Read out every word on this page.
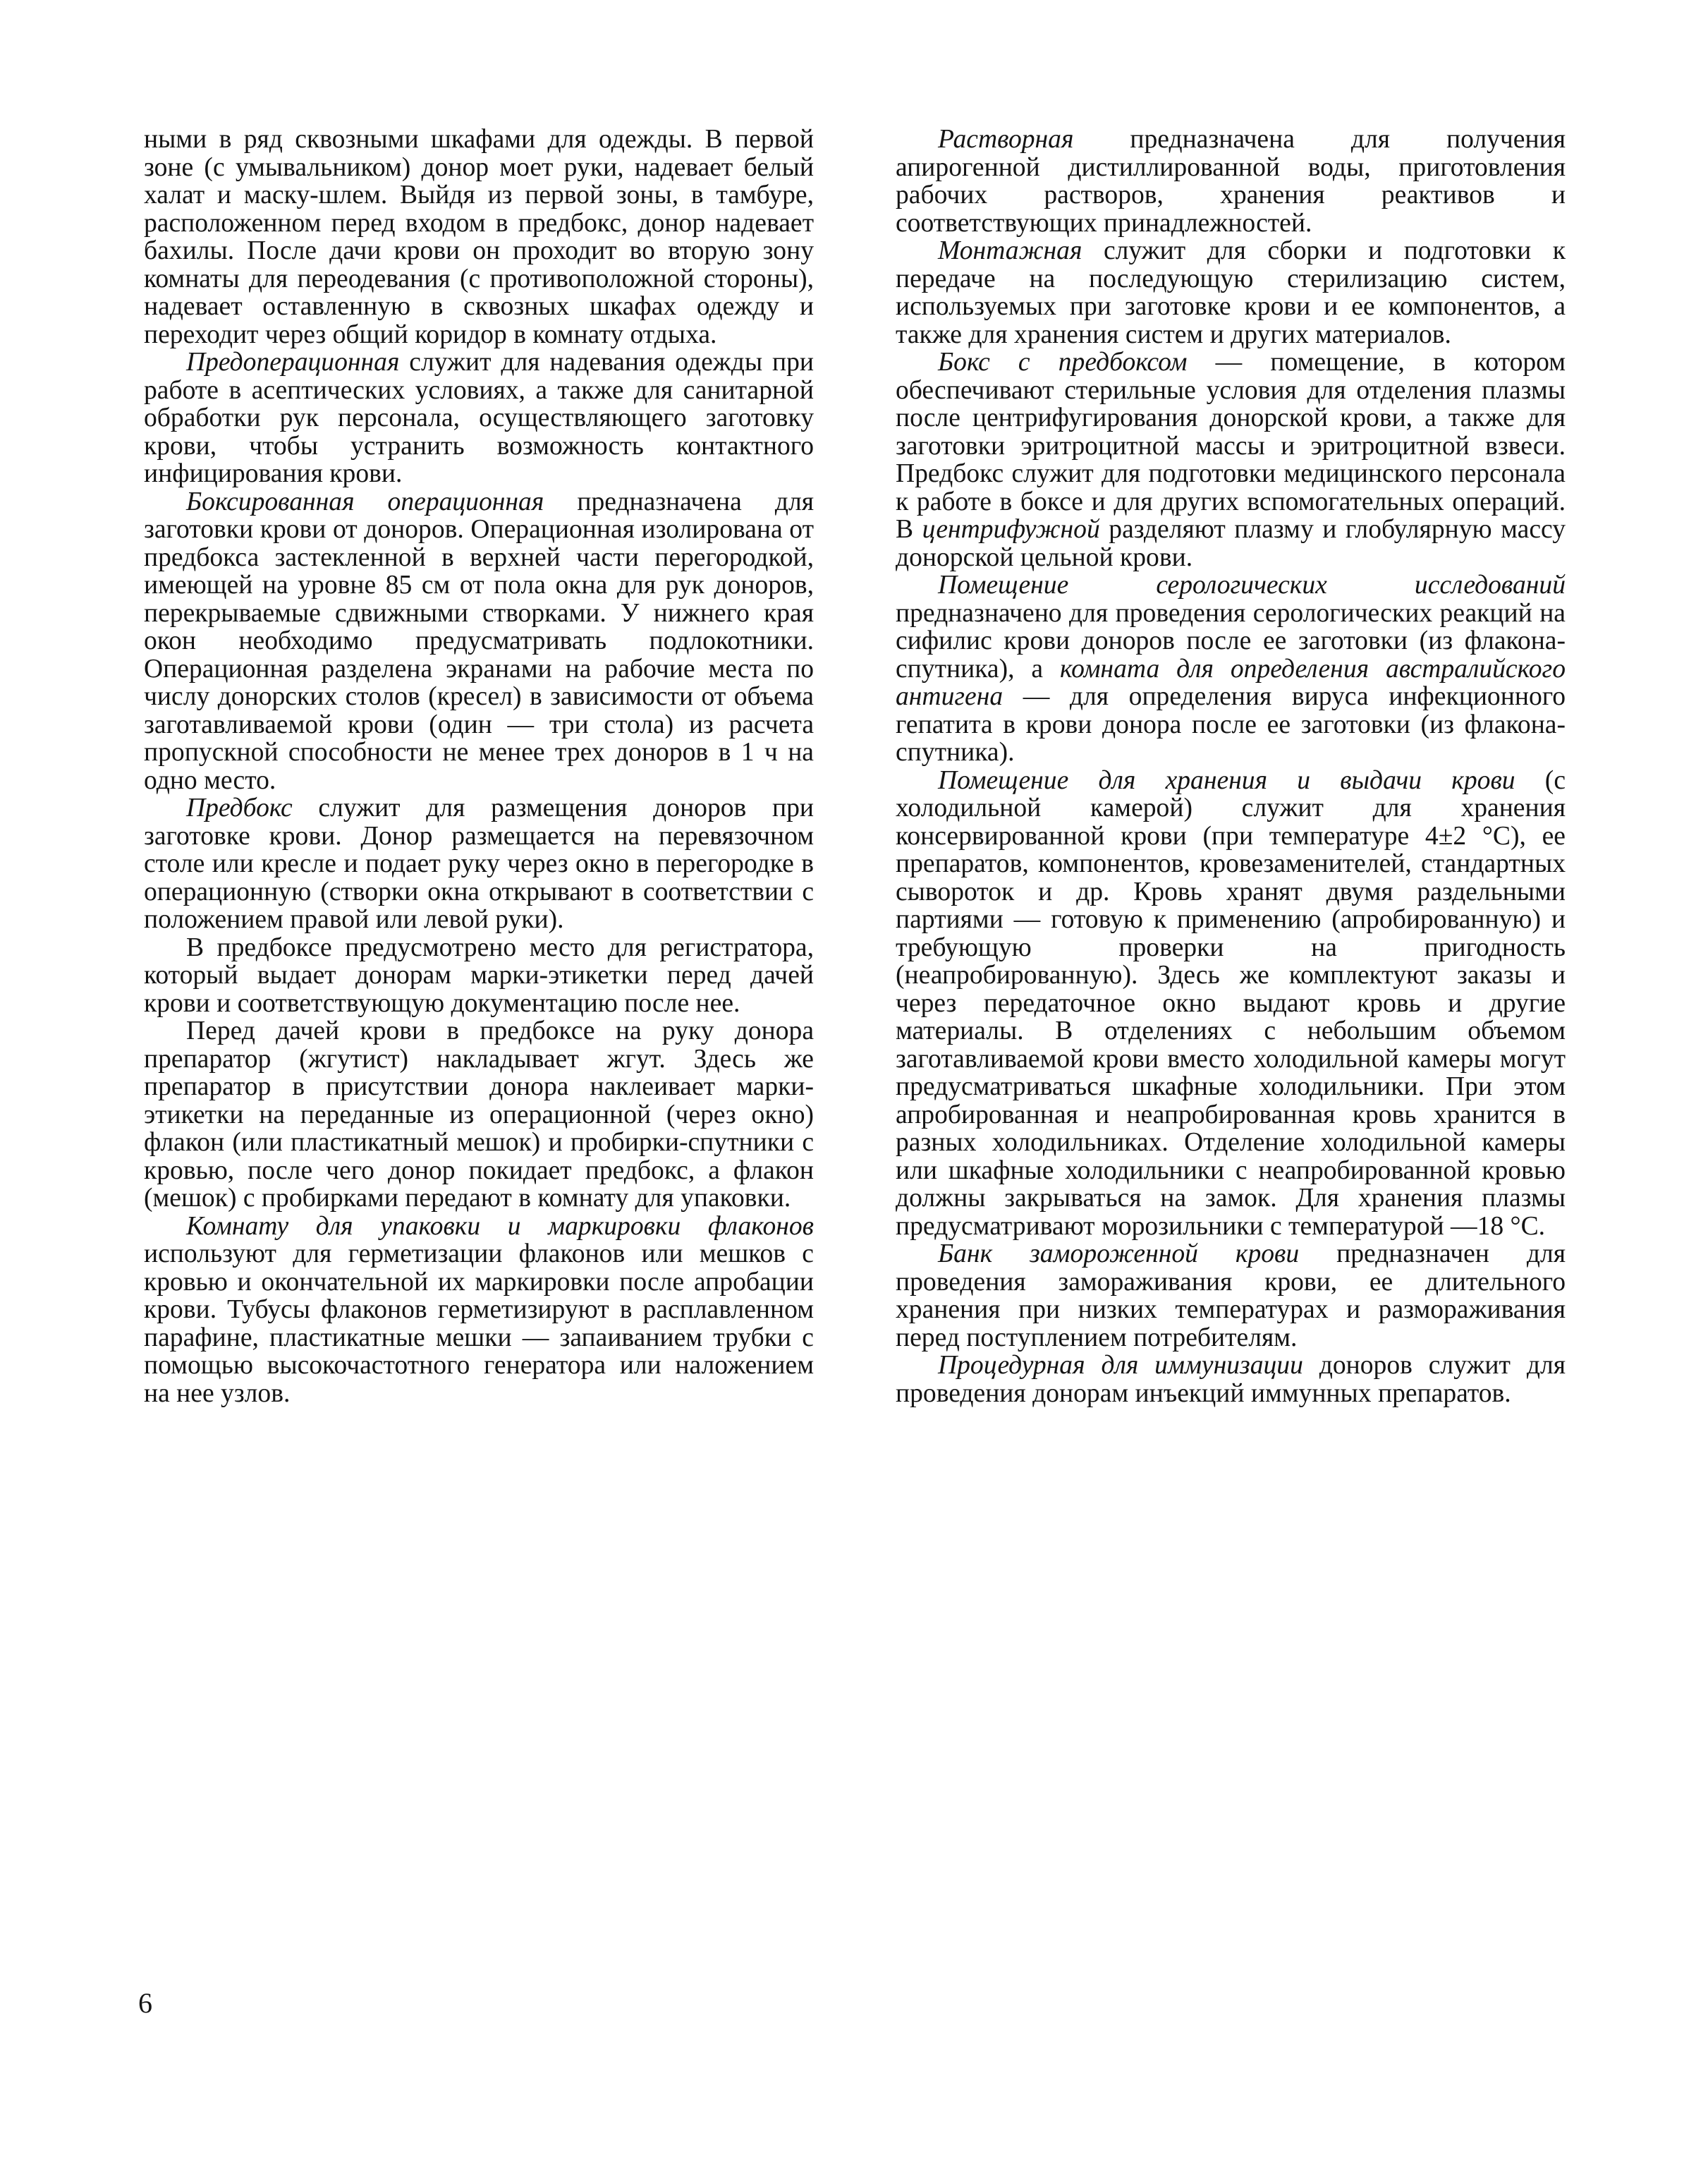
ными в ряд сквозными шкафами для одежды. В первой зоне (с умывальником) донор моет руки, надевает белый халат и маску-шлем. Выйдя из первой зоны, в тамбуре, расположенном перед входом в предбокс, донор надевает бахилы. После дачи крови он проходит во вторую зону комнаты для переодевания (с противоположной стороны), надевает оставленную в сквозных шкафах одежду и переходит через общий коридор в комнату отдыха.

Предоперационная служит для надевания одежды при работе в асептических условиях, а также для санитарной обработки рук персонала, осуществляющего заготовку крови, чтобы устранить возможность контактного инфицирования крови.

Боксированная операционная предназначена для заготовки крови от доноров. Операционная изолирована от предбокса застекленной в верхней части перегородкой, имеющей на уровне 85 см от пола окна для рук доноров, перекрываемые сдвижными створками. У нижнего края окон необходимо предусматривать подлокотники. Операционная разделена экранами на рабочие места по числу донорских столов (кресел) в зависимости от объема заготавливаемой крови (один — три стола) из расчета пропускной способности не менее трех доноров в 1 ч на одно место.

Предбокс служит для размещения доноров при заготовке крови. Донор размещается на перевязочном столе или кресле и подает руку через окно в перегородке в операционную (створки окна открывают в соответствии с положением правой или левой руки).

В предбоксе предусмотрено место для регистратора, который выдает донорам марки-этикетки перед дачей крови и соответствующую документацию после нее.

Перед дачей крови в предбоксе на руку донора препаратор (жгутист) накладывает жгут. Здесь же препаратор в присутствии донора наклеивает марки-этикетки на переданные из операционной (через окно) флакон (или пластикатный мешок) и пробирки-спутники с кровью, после чего донор покидает предбокс, а флакон (мешок) с пробирками передают в комнату для упаковки.

Комнату для упаковки и маркировки флаконов используют для герметизации флаконов или мешков с кровью и окончательной их маркировки после апробации крови. Тубусы флаконов герметизируют в расплавленном парафине, пластикатные мешки — запаиванием трубки с помощью высокочастотного генератора или наложением на нее узлов.

Растворная предназначена для получения апирогенной дистиллированной воды, приготовления рабочих растворов, хранения реактивов и соответствующих принадлежностей.

Монтажная служит для сборки и подготовки к передаче на последующую стерилизацию систем, используемых при заготовке крови и ее компонентов, а также для хранения систем и других материалов.

Бокс с предбоксом — помещение, в котором обеспечивают стерильные условия для отделения плазмы после центрифугирования донорской крови, а также для заготовки эритроцитной массы и эритроцитной взвеси. Предбокс служит для подготовки медицинского персонала к работе в боксе и для других вспомогательных операций. В центрифужной разделяют плазму и глобулярную массу донорской цельной крови.

Помещение серологических исследований предназначено для проведения серологических реакций на сифилис крови доноров после ее заготовки (из флакона-спутника), а комната для определения австралийского антигена — для определения вируса инфекционного гепатита в крови донора после ее заготовки (из флакона-спутника).

Помещение для хранения и выдачи крови (с холодильной камерой) служит для хранения консервированной крови (при температуре 4±2 °С), ее препаратов, компонентов, кровезаменителей, стандартных сывороток и др. Кровь хранят двумя раздельными партиями — готовую к применению (апробированную) и требующую проверки на пригодность (неапробированную). Здесь же комплектуют заказы и через передаточное окно выдают кровь и другие материалы. В отделениях с небольшим объемом заготавливаемой крови вместо холодильной камеры могут предусматриваться шкафные холодильники. При этом апробированная и неапробированная кровь хранится в разных холодильниках. Отделение холодильной камеры или шкафные холодильники с неапробированной кровью должны закрываться на замок. Для хранения плазмы предусматривают морозильники с температурой —18 °С.

Банк замороженной крови предназначен для проведения замораживания крови, ее длительного хранения при низких температурах и размораживания перед поступлением потребителям.

Процедурная для иммунизации доноров служит для проведения донорам инъекций иммунных препаратов.

6
